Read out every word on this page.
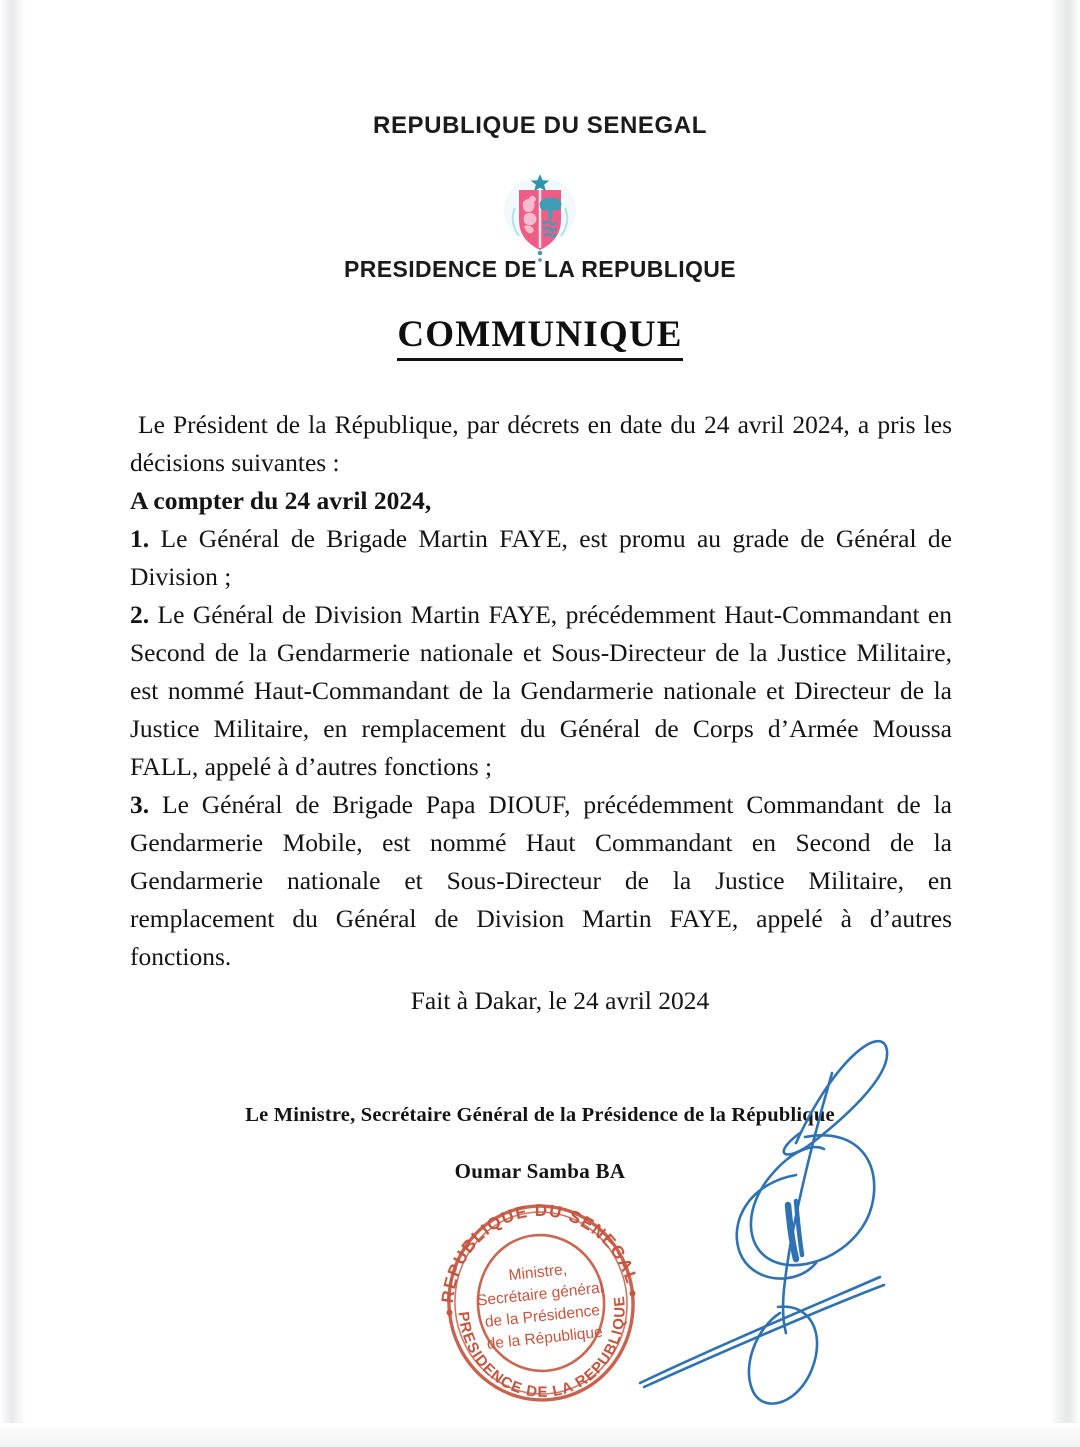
REPUBLIQUE DU SENEGAL
PRESIDENCE DE LA REPUBLIQUE
COMMUNIQUE

Le Président de la République, par décrets en date du 24 avril 2024, a pris les décisions suivantes :

A compter du 24 avril 2024,

1. Le Général de Brigade Martin FAYE, est promu au grade de Général de Division ;

2. Le Général de Division Martin FAYE, précédemment Haut-Commandant en Second de la Gendarmerie nationale et Sous-Directeur de la Justice Militaire, est nommé Haut-Commandant de la Gendarmerie nationale et Directeur de la Justice Militaire, en remplacement du Général de Corps d’Armée Moussa FALL, appelé à d’autres fonctions ;

3. Le Général de Brigade Papa DIOUF, précédemment Commandant de la Gendarmerie Mobile, est nommé Haut Commandant en Second de la Gendarmerie nationale et Sous-Directeur de la Justice Militaire, en remplacement du Général de Division Martin FAYE, appelé à d’autres fonctions.

Fait à Dakar, le 24 avril 2024
Le Ministre, Secrétaire Général de la Présidence de la République
Oumar Samba BA
REPUBLIQUE DU SENEGAL
PRESIDENCE DE LA REPUBLIQUE
Ministre,
Secrétaire général
de la Présidence
de la République
